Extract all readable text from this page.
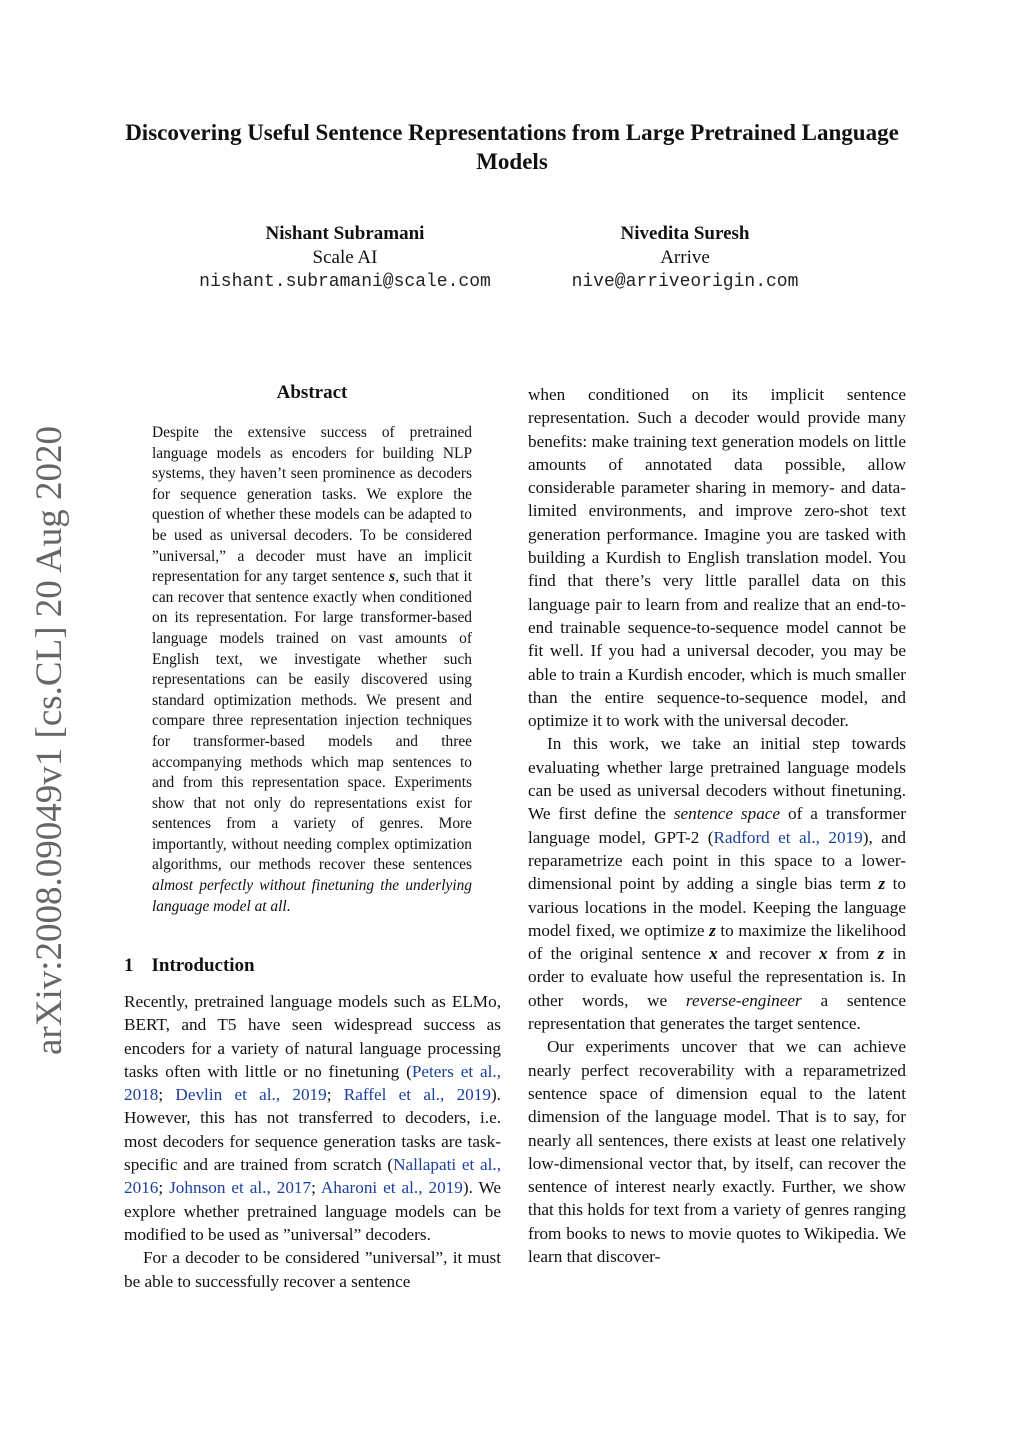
Discovering Useful Sentence Representations from Large Pretrained Language Models
Nishant Subramani
Scale AI
nishant.subramani@scale.com
Nivedita Suresh
Arrive
nive@arriveorigin.com
arXiv:2008.09049v1 [cs.CL] 20 Aug 2020
Abstract
Despite the extensive success of pretrained language models as encoders for building NLP systems, they haven’t seen prominence as decoders for sequence generation tasks. We explore the question of whether these models can be adapted to be used as universal decoders. To be considered ”universal,” a decoder must have an implicit representation for any target sentence s, such that it can recover that sentence exactly when conditioned on its representation. For large transformer-based language models trained on vast amounts of English text, we investigate whether such representations can be easily discovered using standard optimization methods. We present and compare three representation injection techniques for transformer-based models and three accompanying methods which map sentences to and from this representation space. Experiments show that not only do representations exist for sentences from a variety of genres. More importantly, without needing complex optimization algorithms, our methods recover these sentences almost perfectly without finetuning the underlying language model at all.
1 Introduction

Recently, pretrained language models such as ELMo, BERT, and T5 have seen widespread success as encoders for a variety of natural language processing tasks often with little or no finetuning (Peters et al., 2018; Devlin et al., 2019; Raffel et al., 2019). However, this has not transferred to decoders, i.e. most decoders for sequence generation tasks are task-specific and are trained from scratch (Nallapati et al., 2016; Johnson et al., 2017; Aharoni et al., 2019). We explore whether pretrained language models can be modified to be used as ”universal” decoders.

For a decoder to be considered ”universal”, it must be able to successfully recover a sentence

when conditioned on its implicit sentence representation. Such a decoder would provide many benefits: make training text generation models on little amounts of annotated data possible, allow considerable parameter sharing in memory- and data-limited environments, and improve zero-shot text generation performance. Imagine you are tasked with building a Kurdish to English translation model. You find that there’s very little parallel data on this language pair to learn from and realize that an end-to-end trainable sequence-to-sequence model cannot be fit well. If you had a universal decoder, you may be able to train a Kurdish encoder, which is much smaller than the entire sequence-to-sequence model, and optimize it to work with the universal decoder.

In this work, we take an initial step towards evaluating whether large pretrained language models can be used as universal decoders without finetuning. We first define the sentence space of a transformer language model, GPT-2 (Radford et al., 2019), and reparametrize each point in this space to a lower-dimensional point by adding a single bias term z to various locations in the model. Keeping the language model fixed, we optimize z to maximize the likelihood of the original sentence x and recover x from z in order to evaluate how useful the representation is. In other words, we reverse-engineer a sentence representation that generates the target sentence.

Our experiments uncover that we can achieve nearly perfect recoverability with a reparametrized sentence space of dimension equal to the latent dimension of the language model. That is to say, for nearly all sentences, there exists at least one relatively low-dimensional vector that, by itself, can recover the sentence of interest nearly exactly. Further, we show that this holds for text from a variety of genres ranging from books to news to movie quotes to Wikipedia. We learn that discover-
